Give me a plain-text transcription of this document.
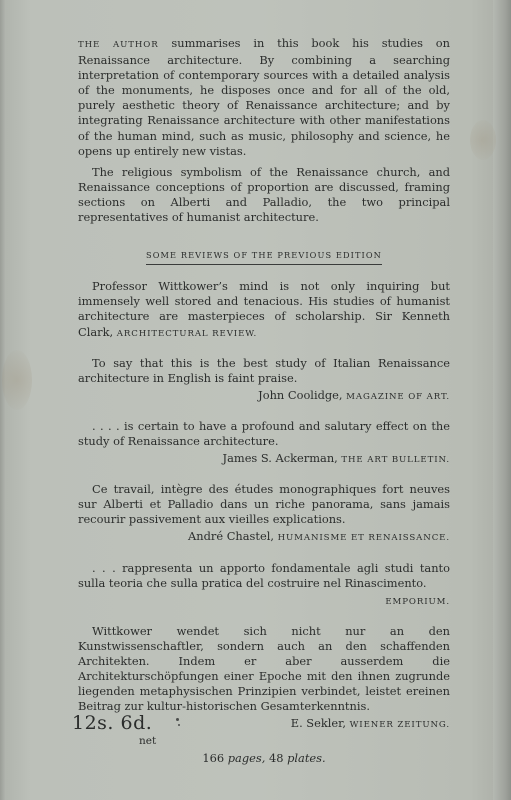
THE AUTHOR summarises in this book his studies on Renaissance architecture. By combining a searching interpretation of contemporary sources with a detailed analysis of the monuments, he disposes once and for all of the old, purely aesthetic theory of Renaissance architecture; and by integrating Renaissance architecture with other manifestations of the human mind, such as music, philosophy and science, he opens up entirely new vistas.

The religious symbolism of the Renaissance church, and Renaissance conceptions of proportion are discussed, framing sections on Alberti and Palladio, the two principal representatives of humanist architecture.

SOME REVIEWS OF THE PREVIOUS EDITION

Professor Wittkower’s mind is not only inquiring but immensely well stored and tenacious. His studies of humanist architecture are masterpieces of scholarship. Sir Kenneth Clark, ARCHITECTURAL REVIEW.

To say that this is the best study of Italian Renaissance architecture in English is faint praise.

John Coolidge, MAGAZINE OF ART.

. . . . is certain to have a profound and salutary effect on the study of Renaissance architecture.

James S. Ackerman, THE ART BULLETIN.

Ce travail, intègre des études monographiques fort neuves sur Alberti et Palladio dans un riche panorama, sans jamais recourir passivement aux vieilles explications.

André Chastel, HUMANISME ET RENAISSANCE.

. . . rappresenta un apporto fondamentale agli studi tanto sulla teoria che sulla pratica del costruire nel Rinascimento.

EMPORIUM.

Wittkower wendet sich nicht nur an den Kunstwissenschaftler, sondern auch an den schaffenden Architekten. Indem er aber ausserdem die Architekturschöpfungen einer Epoche mit den ihnen zugrunde liegenden metaphysischen Prinzipien verbindet, leistet ereinen Beitrag zur kultur-historischen Gesamterkenntnis.

E. Sekler, WIENER ZEITUNG.

166 pages, 48 plates.

12s. 6d.
net
